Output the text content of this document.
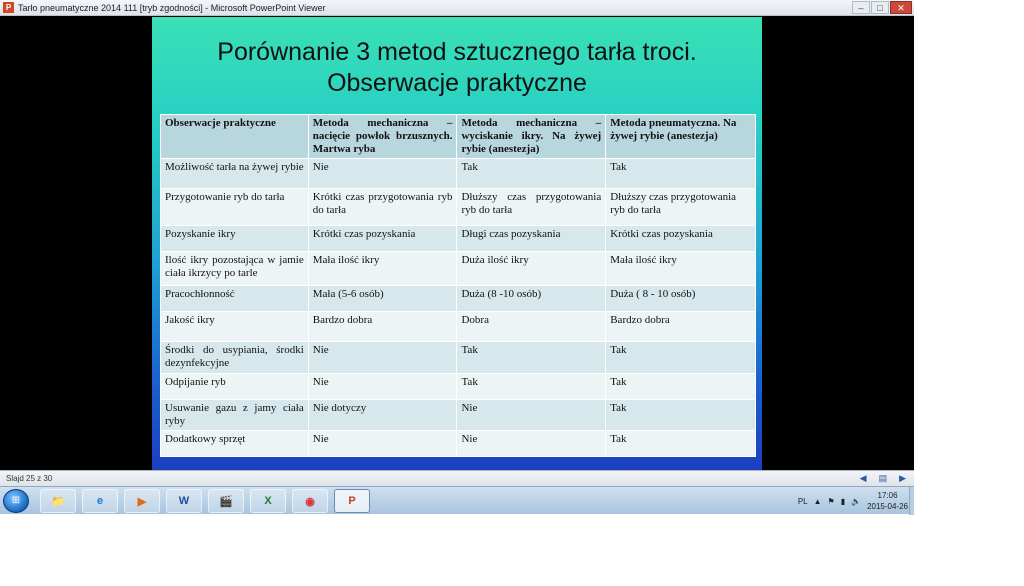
P Tarło pneumatyczne 2014 111 [tryb zgodności] - Microsoft PowerPoint Viewer	–	□	✕
Porównanie 3 metod sztucznego tarła troci.
Obserwacje praktyczne
Obserwacje praktyczne	Metoda mechaniczna – nacięcie powłok brzusznych. Martwa ryba	Metoda mechaniczna – wyciskanie ikry. Na żywej rybie (anestezja)	Metoda pneumatyczna. Na żywej rybie (anestezja)
Możliwość tarła na żywej rybie	Nie	Tak	Tak
Przygotowanie ryb do tarła	Krótki czas przygotowania ryb do tarła	Dłuższy czas przygotowania ryb do tarła	Dłuższy czas przygotowania ryb do tarła
Pozyskanie ikry	Krótki czas pozyskania	Długi czas pozyskania	Krótki czas pozyskania
Ilość ikry pozostająca w jamie ciała ikrzycy po tarle	Mała ilość ikry	Duża ilość ikry	Mała ilość ikry
Pracochłonność	Mała (5-6 osób)	Duża (8 -10 osób)	Duża ( 8 - 10 osób)
Jakość ikry	Bardzo dobra	Dobra	Bardzo dobra
Środki do usypiania, środki dezynfekcyjne	Nie	Tak	Tak
Odpijanie ryb	Nie	Tak	Tak
Usuwanie gazu z jamy ciała ryby	Nie dotyczy	Nie	Tak
Dodatkowy sprzęt	Nie	Nie	Tak
Slajd 25 z 30	◀ ▤ ▶
⊞	📁	e	▶	W	🎬	X	◉	P	PL ▲ ⚑ ▮ 🔈
17:06
2015-04-26
